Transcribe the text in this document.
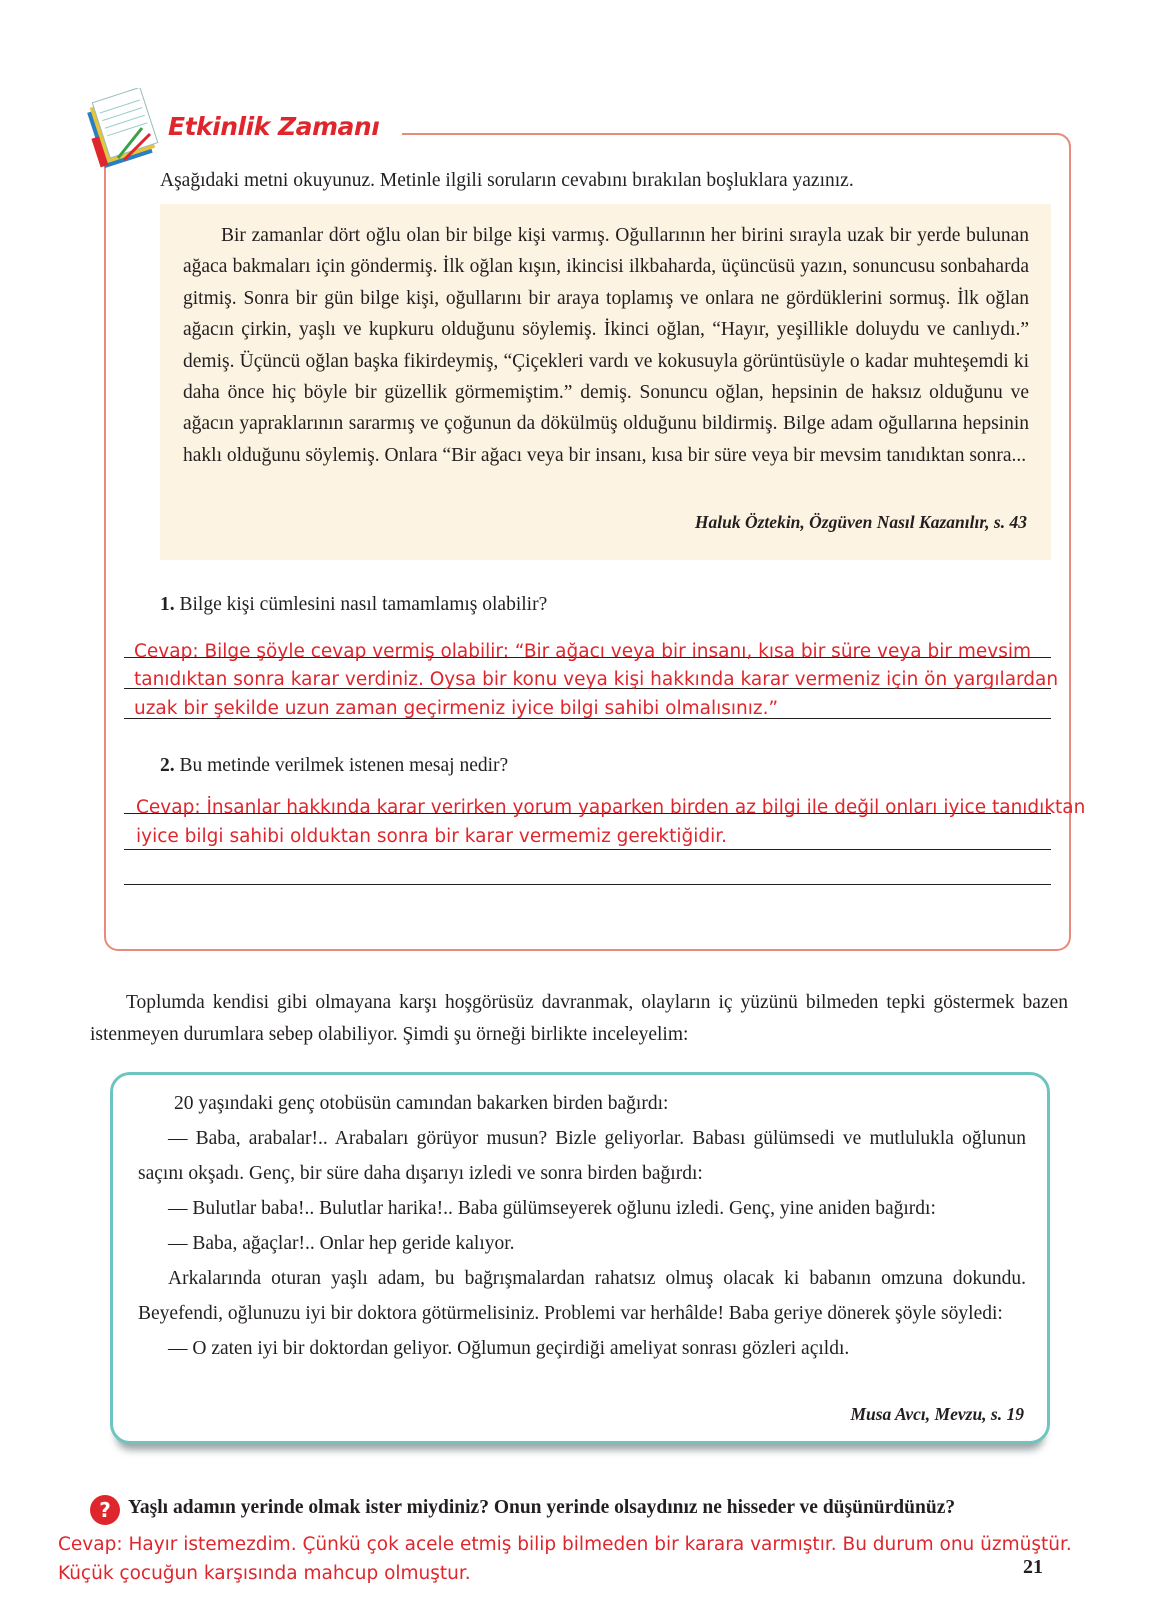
Etkinlik Zamanı
Aşağıdaki metni okuyunuz. Metinle ilgili soruların cevabını bırakılan boşluklara yazınız.

Bir zamanlar dört oğlu olan bir bilge kişi varmış. Oğullarının her birini sırayla uzak bir yerde bulunan ağaca bakmaları için göndermiş. İlk oğlan kışın, ikincisi ilkbaharda, üçüncüsü yazın, sonuncusu sonbaharda gitmiş. Sonra bir gün bilge kişi, oğullarını bir araya toplamış ve onlara ne gördüklerini sormuş. İlk oğlan ağacın çirkin, yaşlı ve kupkuru olduğunu söylemiş. İkinci oğlan, “Hayır, yeşillikle doluydu ve canlıydı.” demiş. Üçüncü oğlan başka fikirdeymiş, “Çiçekleri vardı ve kokusuyla görüntüsüyle o kadar muhteşemdi ki daha önce hiç böyle bir güzellik görmemiştim.” demiş. Sonuncu oğlan, hepsinin de haksız olduğunu ve ağacın yapraklarının sararmış ve çoğunun da dökülmüş olduğunu bildirmiş. Bilge adam oğullarına hepsinin haklı olduğunu söylemiş. Onlara “Bir ağacı veya bir insanı, kısa bir süre veya bir mevsim tanıdıktan sonra...

Haluk Öztekin, Özgüven Nasıl Kazanılır, s. 43
1. Bilge kişi cümlesini nasıl tamamlamış olabilir?
Cevap: Bilge şöyle cevap vermiş olabilir: “Bir ağacı veya bir insanı, kısa bir süre veya bir mevsim
tanıdıktan sonra karar verdiniz. Oysa bir konu veya kişi hakkında karar vermeniz için ön yargılardan
uzak bir şekilde uzun zaman geçirmeniz iyice bilgi sahibi olmalısınız.”
2. Bu metinde verilmek istenen mesaj nedir?
Cevap: İnsanlar hakkında karar verirken yorum yaparken birden az bilgi ile değil onları iyice tanıdıktan
iyice bilgi sahibi olduktan sonra bir karar vermemiz gerektiğidir.

Toplumda kendisi gibi olmayana karşı hoşgörüsüz davranmak, olayların iç yüzünü bilmeden tepki göstermek bazen istenmeyen durumlara sebep olabiliyor. Şimdi şu örneği birlikte inceleyelim:

20 yaşındaki genç otobüsün camından bakarken birden bağırdı:

— Baba, arabalar!.. Arabaları görüyor musun? Bizle geliyorlar. Babası gülümsedi ve mutlulukla oğlunun saçını okşadı. Genç, bir süre daha dışarıyı izledi ve sonra birden bağırdı:

— Bulutlar baba!.. Bulutlar harika!.. Baba gülümseyerek oğlunu izledi. Genç, yine aniden bağırdı:

— Baba, ağaçlar!.. Onlar hep geride kalıyor.

Arkalarında oturan yaşlı adam, bu bağrışmalardan rahatsız olmuş olacak ki babanın omzuna dokundu. Beyefendi, oğlunuzu iyi bir doktora götürmelisiniz. Problemi var herhâlde! Baba geriye dönerek şöyle söyledi:

— O zaten iyi bir doktordan geliyor. Oğlumun geçirdiği ameliyat sonrası gözleri açıldı.

Musa Avcı, Mevzu, s. 19
? Yaşlı adamın yerinde olmak ister miydiniz? Onun yerinde olsaydınız ne hisseder ve düşünürdünüz?
Cevap: Hayır istemezdim. Çünkü çok acele etmiş bilip bilmeden bir karara varmıştır. Bu durum onu üzmüştür.
Küçük çocuğun karşısında mahcup olmuştur.	21
